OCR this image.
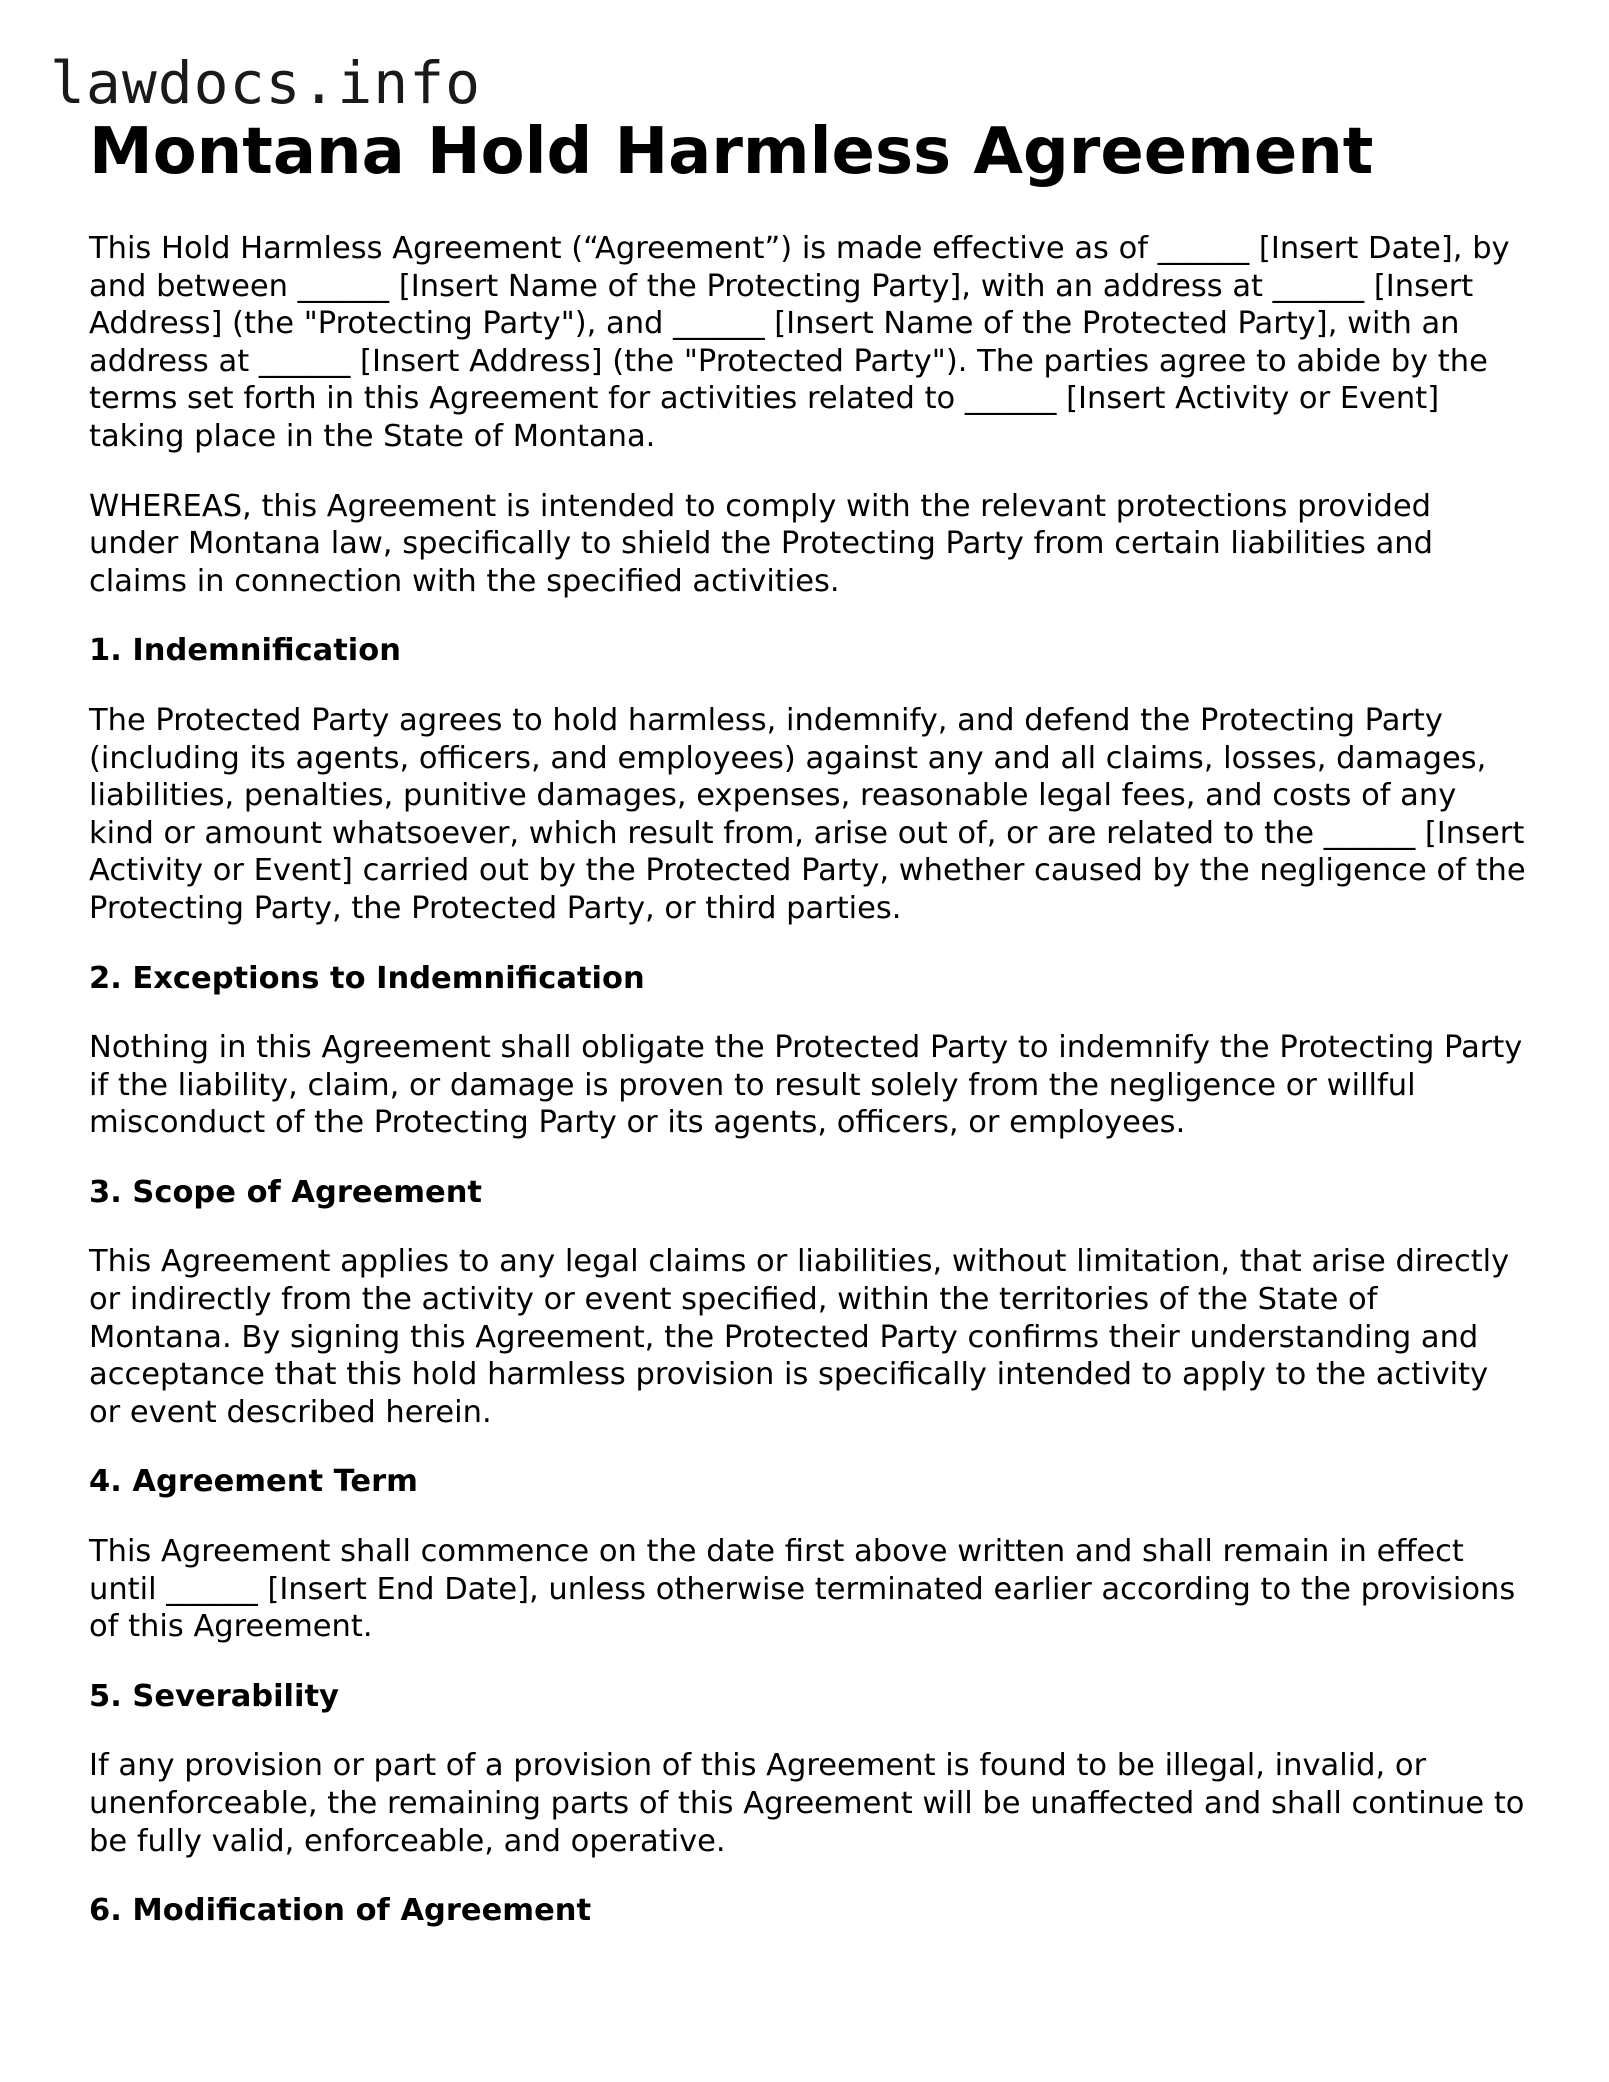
lawdocs.info
Montana Hold Harmless Agreement

This Hold Harmless Agreement (“Agreement”) is made effective as of ______ [Insert Date], by and between ______ [Insert Name of the Protecting Party], with an address at ______ [Insert Address] (the "Protecting Party"), and ______ [Insert Name of the Protected Party], with an address at ______ [Insert Address] (the "Protected Party"). The parties agree to abide by the terms set forth in this Agreement for activities related to ______ [Insert Activity or Event] taking place in the State of Montana.

WHEREAS, this Agreement is intended to comply with the relevant protections provided under Montana law, specifically to shield the Protecting Party from certain liabilities and claims in connection with the specified activities.

1. Indemnification

The Protected Party agrees to hold harmless, indemnify, and defend the Protecting Party (including its agents, officers, and employees) against any and all claims, losses, damages, liabilities, penalties, punitive damages, expenses, reasonable legal fees, and costs of any kind or amount whatsoever, which result from, arise out of, or are related to the ______ [Insert Activity or Event] carried out by the Protected Party, whether caused by the negligence of the Protecting Party, the Protected Party, or third parties.

2. Exceptions to Indemnification

Nothing in this Agreement shall obligate the Protected Party to indemnify the Protecting Party if the liability, claim, or damage is proven to result solely from the negligence or willful misconduct of the Protecting Party or its agents, officers, or employees.

3. Scope of Agreement

This Agreement applies to any legal claims or liabilities, without limitation, that arise directly or indirectly from the activity or event specified, within the territories of the State of Montana. By signing this Agreement, the Protected Party confirms their understanding and acceptance that this hold harmless provision is specifically intended to apply to the activity or event described herein.

4. Agreement Term

This Agreement shall commence on the date first above written and shall remain in effect until ______ [Insert End Date], unless otherwise terminated earlier according to the provisions of this Agreement.

5. Severability

If any provision or part of a provision of this Agreement is found to be illegal, invalid, or unenforceable, the remaining parts of this Agreement will be unaffected and shall continue to be fully valid, enforceable, and operative.

6. Modification of Agreement
